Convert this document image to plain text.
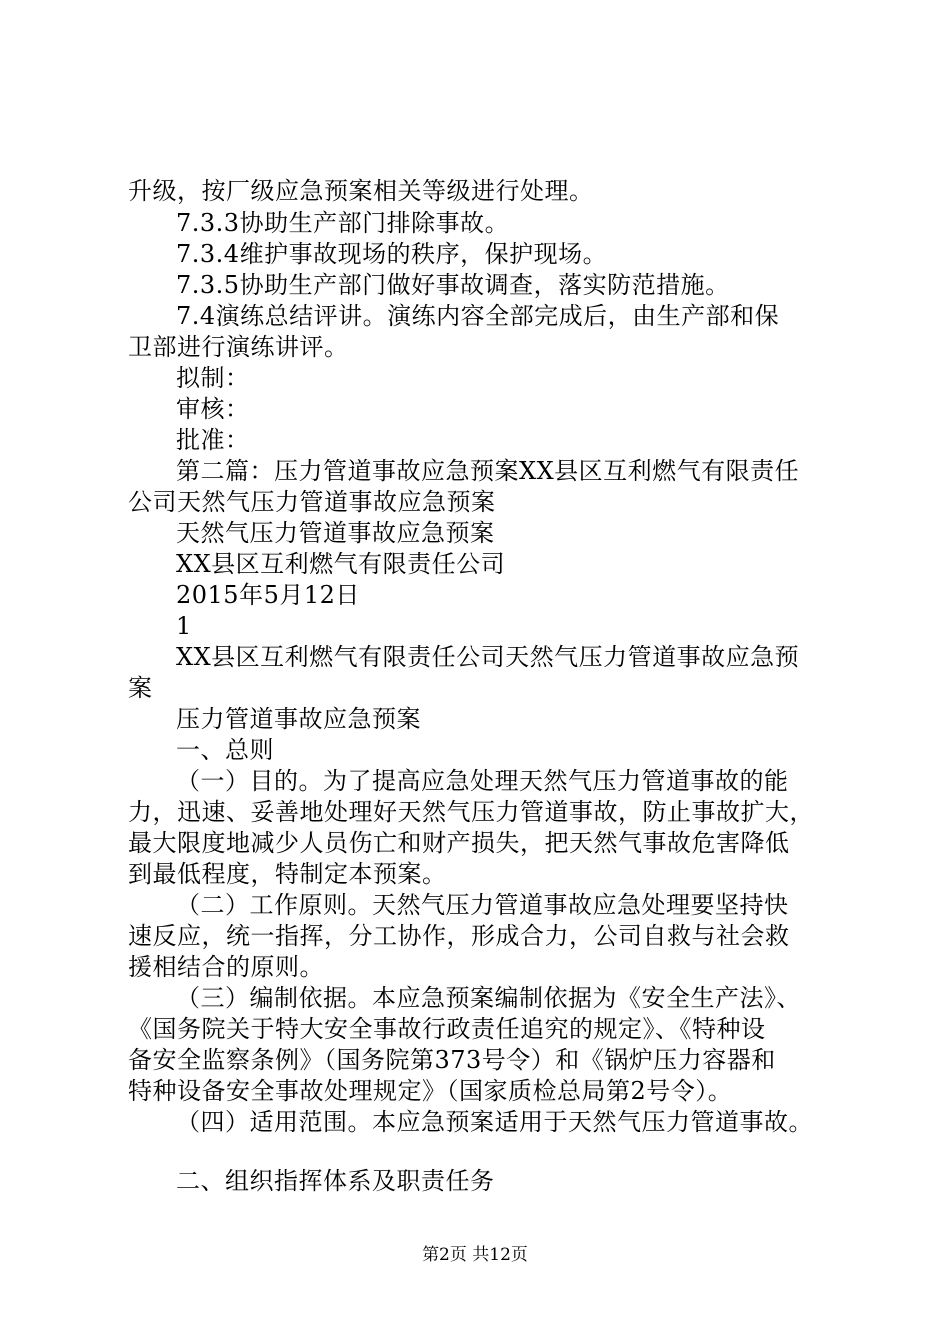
升级，按厂级应急预案相关等级进行处理。
7.3.3协助生产部门排除事故。
7.3.4维护事故现场的秩序，保护现场。
7.3.5协助生产部门做好事故调查，落实防范措施。
7.4演练总结评讲。演练内容全部完成后，由生产部和保
卫部进行演练讲评。
拟制：
审核：
批准：
第二篇：压力管道事故应急预案XX县区互利燃气有限责任
公司天然气压力管道事故应急预案
天然气压力管道事故应急预案
XX县区互利燃气有限责任公司
2015年5月12日
1
XX县区互利燃气有限责任公司天然气压力管道事故应急预
案
压力管道事故应急预案
一、总则
（一）目的。为了提高应急处理天然气压力管道事故的能
力，迅速、妥善地处理好天然气压力管道事故，防止事故扩大，
最大限度地减少人员伤亡和财产损失，把天然气事故危害降低
到最低程度，特制定本预案。
（二）工作原则。天然气压力管道事故应急处理要坚持快
速反应，统一指挥，分工协作，形成合力，公司自救与社会救
援相结合的原则。
（三）编制依据。本应急预案编制依据为《安全生产法》、
《国务院关于特大安全事故行政责任追究的规定》、《特种设
备安全监察条例》（国务院第373号令）和《锅炉压力容器和
特种设备安全事故处理规定》（国家质检总局第2号令）。
（四）适用范围。本应急预案适用于天然气压力管道事故。
二、组织指挥体系及职责任务
第2页 共12页
